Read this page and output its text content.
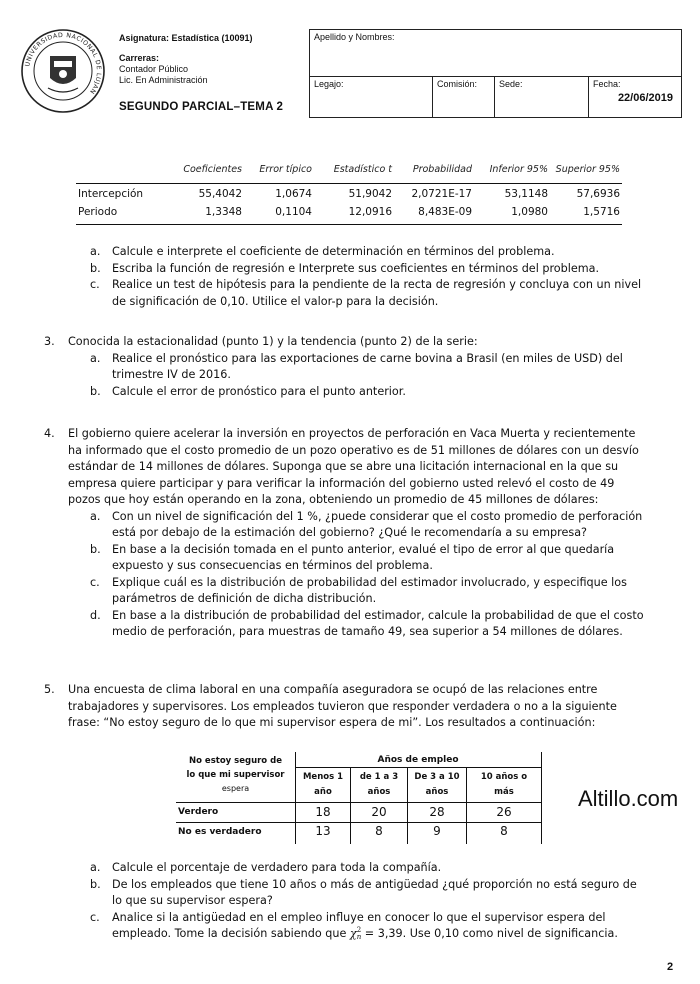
UNIVERSIDAD NACIONAL DE LUJAN
Asignatura: Estadística (10091)
Carreras:
Contador Público
Lic. En Administración
SEGUNDO PARCIAL–TEMA 2
Apellido y Nombres:
Legajo:	Comisión: Sede:	Fecha:
22/06/2019
Coeficientes	Error típico	Estadístico t	Probabilidad	Inferior 95% Superior 95%
Intercepción	55,4042	1,0674	51,9042	2,0721E-17	53,1148	57,6936
Periodo	1,3348	0,1104	12,0916	8,483E-09	1,0980	1,5716
a. Calcule e interprete el coeficiente de determinación en términos del problema.
b. Escriba la función de regresión e Interprete sus coeficientes en términos del problema.
c. Realice un test de hipótesis para la pendiente de la recta de regresión y concluya con un nivel
de significación de 0,10. Utilice el valor-p para la decisión.
3. Conocida la estacionalidad (punto 1) y la tendencia (punto 2) de la serie:
a. Realice el pronóstico para las exportaciones de carne bovina a Brasil (en miles de USD) del
trimestre IV de 2016.
b. Calcule el error de pronóstico para el punto anterior.
4. El gobierno quiere acelerar la inversión en proyectos de perforación en Vaca Muerta y recientemente
ha informado que el costo promedio de un pozo operativo es de 51 millones de dólares con un desvío
estándar de 14 millones de dólares. Suponga que se abre una licitación internacional en la que su
empresa quiere participar y para verificar la información del gobierno usted relevó el costo de 49
pozos que hoy están operando en la zona, obteniendo un promedio de 45 millones de dólares:
a. Con un nivel de significación del 1 %, ¿puede considerar que el costo promedio de perforación
está por debajo de la estimación del gobierno? ¿Qué le recomendaría a su empresa?
b. En base a la decisión tomada en el punto anterior, evalué el tipo de error al que quedaría
expuesto y sus consecuencias en términos del problema.
c. Explique cuál es la distribución de probabilidad del estimador involucrado, y especifique los
parámetros de definición de dicha distribución.
d. En base a la distribución de probabilidad del estimador, calcule la probabilidad de que el costo
medio de perforación, para muestras de tamaño 49, sea superior a 54 millones de dólares.
5. Una encuesta de clima laboral en una compañía aseguradora se ocupó de las relaciones entre
trabajadores y supervisores. Los empleados tuvieron que responder verdadera o no a la siguiente
frase: “No estoy seguro de lo que mi supervisor espera de mi”. Los resultados a continuación:
No estoy seguro de
lo que mi supervisor
espera
Años de empleo
Menos 1
año
de 1 a 3
años
De 3 a 10
años
10 años o
más
Verdero	18	20	28	26
No es verdadero	13	8	9	8
Altillo.com
a. Calcule el porcentaje de verdadero para toda la compañía.
b. De los empleados que tiene 10 años o más de antigüedad ¿qué proporción no está seguro de
lo que su supervisor espera?
c. Analice si la antigüedad en el empleo influye en conocer lo que el supervisor espera del
empleado. Tome la decisión sabiendo que χ 2
n = 3,39. Use 0,10 como nivel de significancia.
2
